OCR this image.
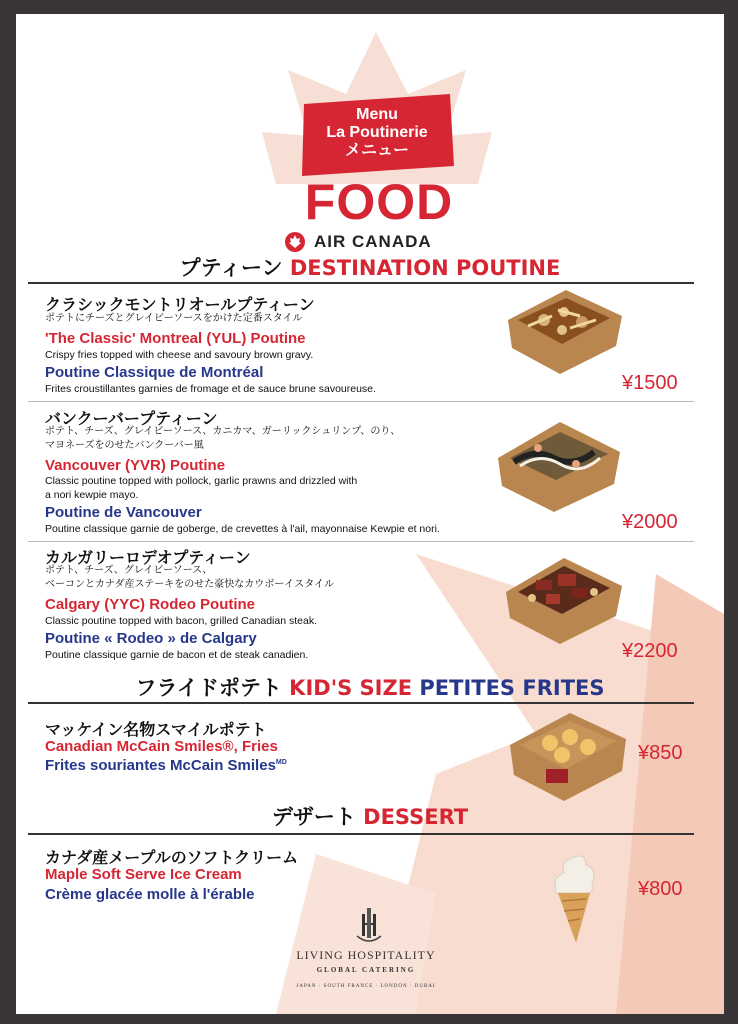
Menu
La Poutinerie
メニュー
FOOD
AIR CANADA
プティーン DESTINATION POUTINE
クラシックモントリオールプティーン
ポテトにチーズとグレイビーソースをかけた定番スタイル
'The Classic' Montreal (YUL) Poutine
Crispy fries topped with cheese and savoury brown gravy.
Poutine Classique de Montréal
Frites croustillantes garnies de fromage et de sauce brune savoureuse.	¥1500
バンクーバープティーン
ポテト、チーズ、グレイビーソース、カニカマ、ガーリックシュリンプ、のり、
マヨネーズをのせたバンクーバー風
Vancouver (YVR) Poutine
Classic poutine topped with pollock, garlic prawns and drizzled with
a nori kewpie mayo.
Poutine de Vancouver
Poutine classique garnie de goberge, de crevettes à l'ail, mayonnaise Kewpie et nori.	¥2000
カルガリーロデオプティーン
ポテト、チーズ、グレイビーソース、
ベーコンとカナダ産ステーキをのせた豪快なカウボーイスタイル
Calgary (YYC) Rodeo Poutine
Classic poutine topped with bacon, grilled Canadian steak.
Poutine « Rodeo » de Calgary
Poutine classique garnie de bacon et de steak canadien.	¥2200
フライドポテト KID'S SIZE PETITES FRITES
マッケイン名物スマイルポテト
Canadian McCain Smiles®, Fries
Frites souriantes McCain Smiles$^{MD}$	¥850
デザート DESSERT
カナダ産メープルのソフトクリーム
Maple Soft Serve Ice Cream
Crème glacée molle à l'érable	¥800
LIVING HOSPITALITY
GLOBAL CATERING
JAPAN · SOUTH FRANCE · LONDON · DUBAI
